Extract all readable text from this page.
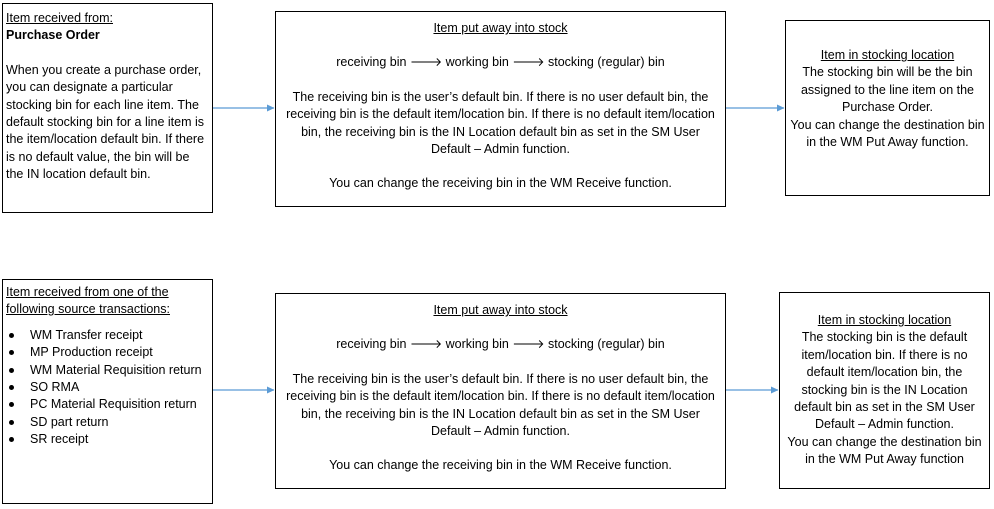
Item received from:

Purchase Order

When you create a purchase order, you can designate a particular stocking bin for each line item. The default stocking bin for a line item is the item/location default bin. If there is no default value, the bin will be the IN location default bin.

Item put away into stock

receiving bin 🡒 working bin 🡒 stocking (regular) bin

The receiving bin is the user’s default bin. If there is no user default bin, the receiving bin is the default item/location bin. If there is no default item/location bin, the receiving bin is the IN Location default bin as set in the SM User Default – Admin function.

You can change the receiving bin in the WM Receive function.

Item in stocking location

The stocking bin will be the bin assigned to the line item on the Purchase Order.

You can change the destination bin in the WM Put Away function.

Item received from one of the following source transactions:

WM Transfer receipt
MP Production receipt
WM Material Requisition return
SO RMA
PC Material Requisition return
SD part return
SR receipt

Item put away into stock

receiving bin 🡒 working bin 🡒 stocking (regular) bin

The receiving bin is the user’s default bin. If there is no user default bin, the receiving bin is the default item/location bin. If there is no default item/location bin, the receiving bin is the IN Location default bin as set in the SM User Default – Admin function.

You can change the receiving bin in the WM Receive function.

Item in stocking location

The stocking bin is the default item/location bin. If there is no default item/location bin, the stocking bin is the IN Location default bin as set in the SM User Default – Admin function.

You can change the destination bin in the WM Put Away function
